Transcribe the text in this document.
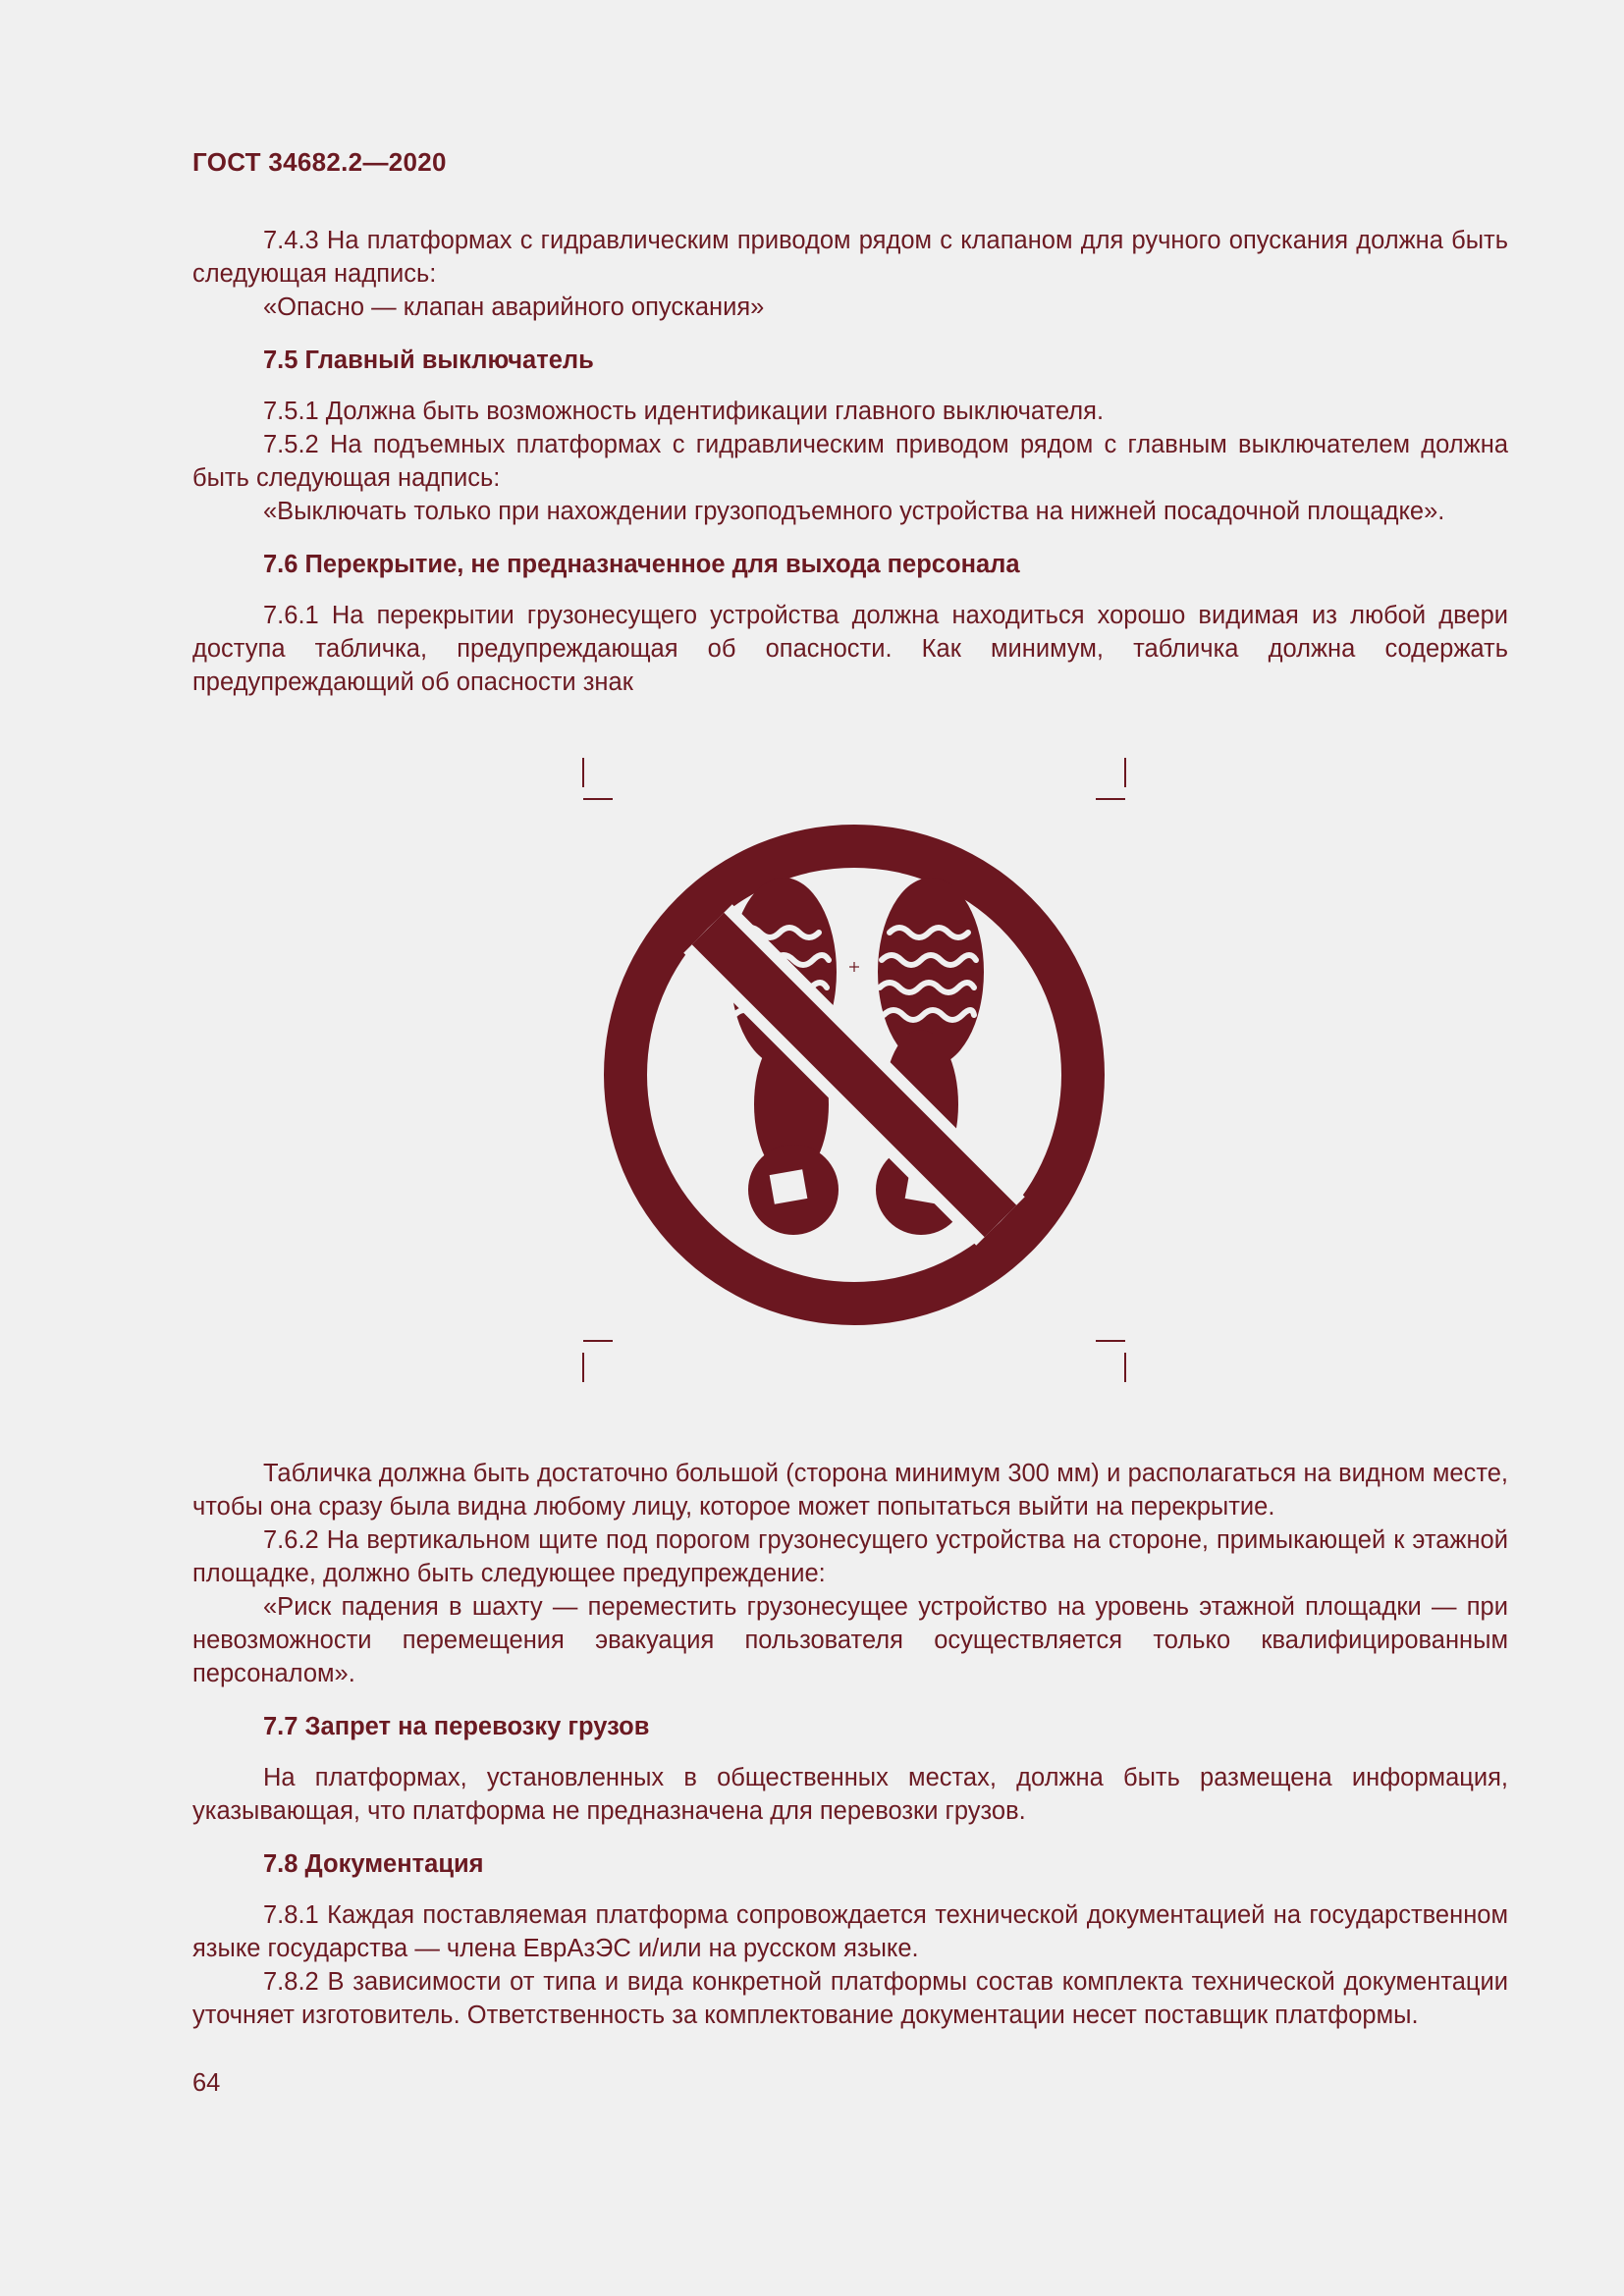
ГОСТ 34682.2—2020

7.4.3 На платформах с гидравлическим приводом рядом с клапаном для ручного опускания должна быть следующая надпись:

«Опасно — клапан аварийного опускания»

7.5 Главный выключатель

7.5.1 Должна быть возможность идентификации главного выключателя.

7.5.2 На подъемных платформах с гидравлическим приводом рядом с главным выключателем должна быть следующая надпись:

«Выключать только при нахождении грузоподъемного устройства на нижней посадочной площадке».

7.6 Перекрытие, не предназначенное для выхода персонала

7.6.1 На перекрытии грузонесущего устройства должна находиться хорошо видимая из любой двери доступа табличка, предупреждающая об опасности. Как минимум, табличка должна содержать предупреждающий об опасности знак

Табличка должна быть достаточно большой (сторона минимум 300 мм) и располагаться на видном месте, чтобы она сразу была видна любому лицу, которое может попытаться выйти на перекрытие.

7.6.2 На вертикальном щите под порогом грузонесущего устройства на стороне, примыкающей к этажной площадке, должно быть следующее предупреждение:

«Риск падения в шахту — переместить грузонесущее устройство на уровень этажной площадки — при невозможности перемещения эвакуация пользователя осуществляется только квалифицированным персоналом».

7.7 Запрет на перевозку грузов

На платформах, установленных в общественных местах, должна быть размещена информация, указывающая, что платформа не предназначена для перевозки грузов.

7.8 Документация

7.8.1 Каждая поставляемая платформа сопровождается технической документацией на государственном языке государства — члена ЕврАзЭС и/или на русском языке.

7.8.2 В зависимости от типа и вида конкретной платформы состав комплекта технической документации уточняет изготовитель. Ответственность за комплектование документации несет поставщик платформы.

64
